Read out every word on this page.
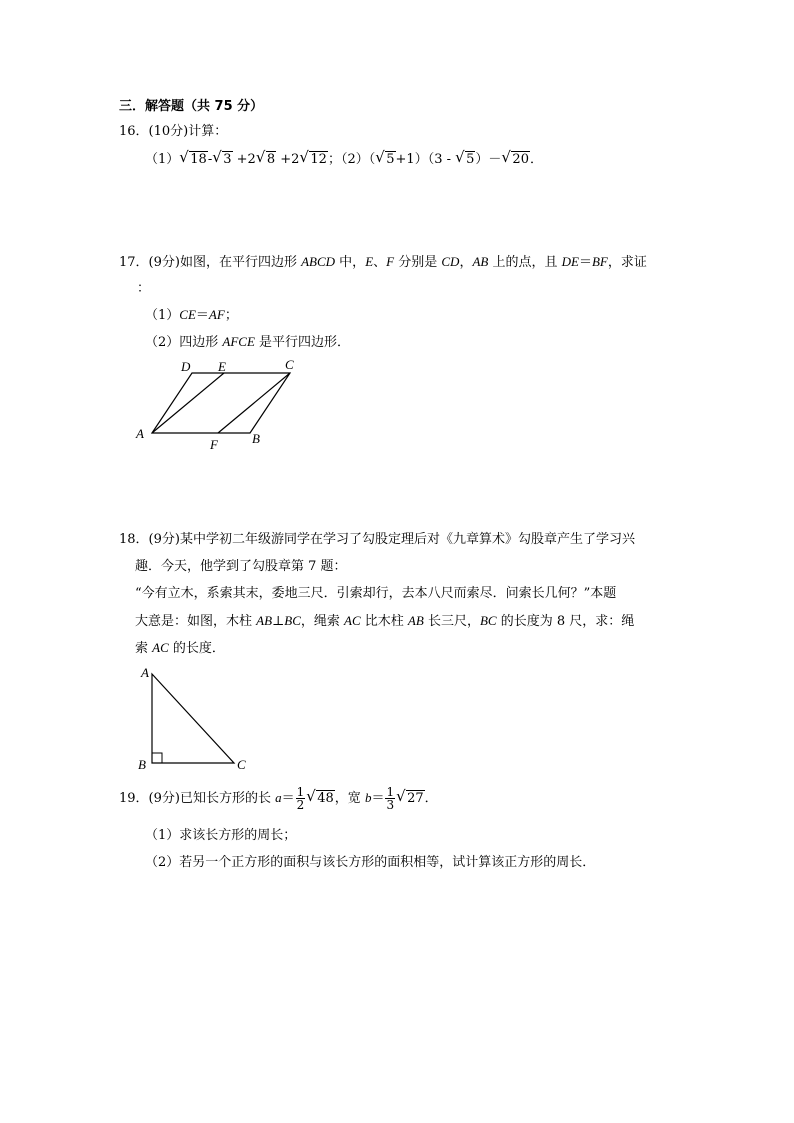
三．解答题（共 75 分）
16．(10分)计算：
（1） √ 18- √ 3 +2 √ 8 +2 √ 12；（2）（ √ 5+1）（3 - √ 5）－ √ 20．
17．(9分)如图，在平行四边形 ABCD 中，E、F 分别是 CD，AB 上的点，且 DE＝BF，求证
：
（1）CE＝AF；
（2）四边形 AFCE 是平行四边形．
A	B
C
D E
F
18．(9分)某中学初二年级游同学在学习了勾股定理后对《九章算术》勾股章产生了学习兴
趣．今天，他学到了勾股章第 7 题：
“今有立木，系索其末，委地三尺．引索却行，去本八尺而索尽．问索长几何？”本题
大意是：如图，木柱 AB⊥BC，绳索 AC 比木柱 AB 长三尺，BC 的长度为 8 尺，求：绳
索 AC 的长度．
A
B	C
19．(9分)已知长方形的长 $a= \frac{1}{2}$ √ 48，宽 $b= \frac{1}{3}$ √ 27．
（1）求该长方形的周长；
（2）若另一个正方形的面积与该长方形的面积相等，试计算该正方形的周长．
